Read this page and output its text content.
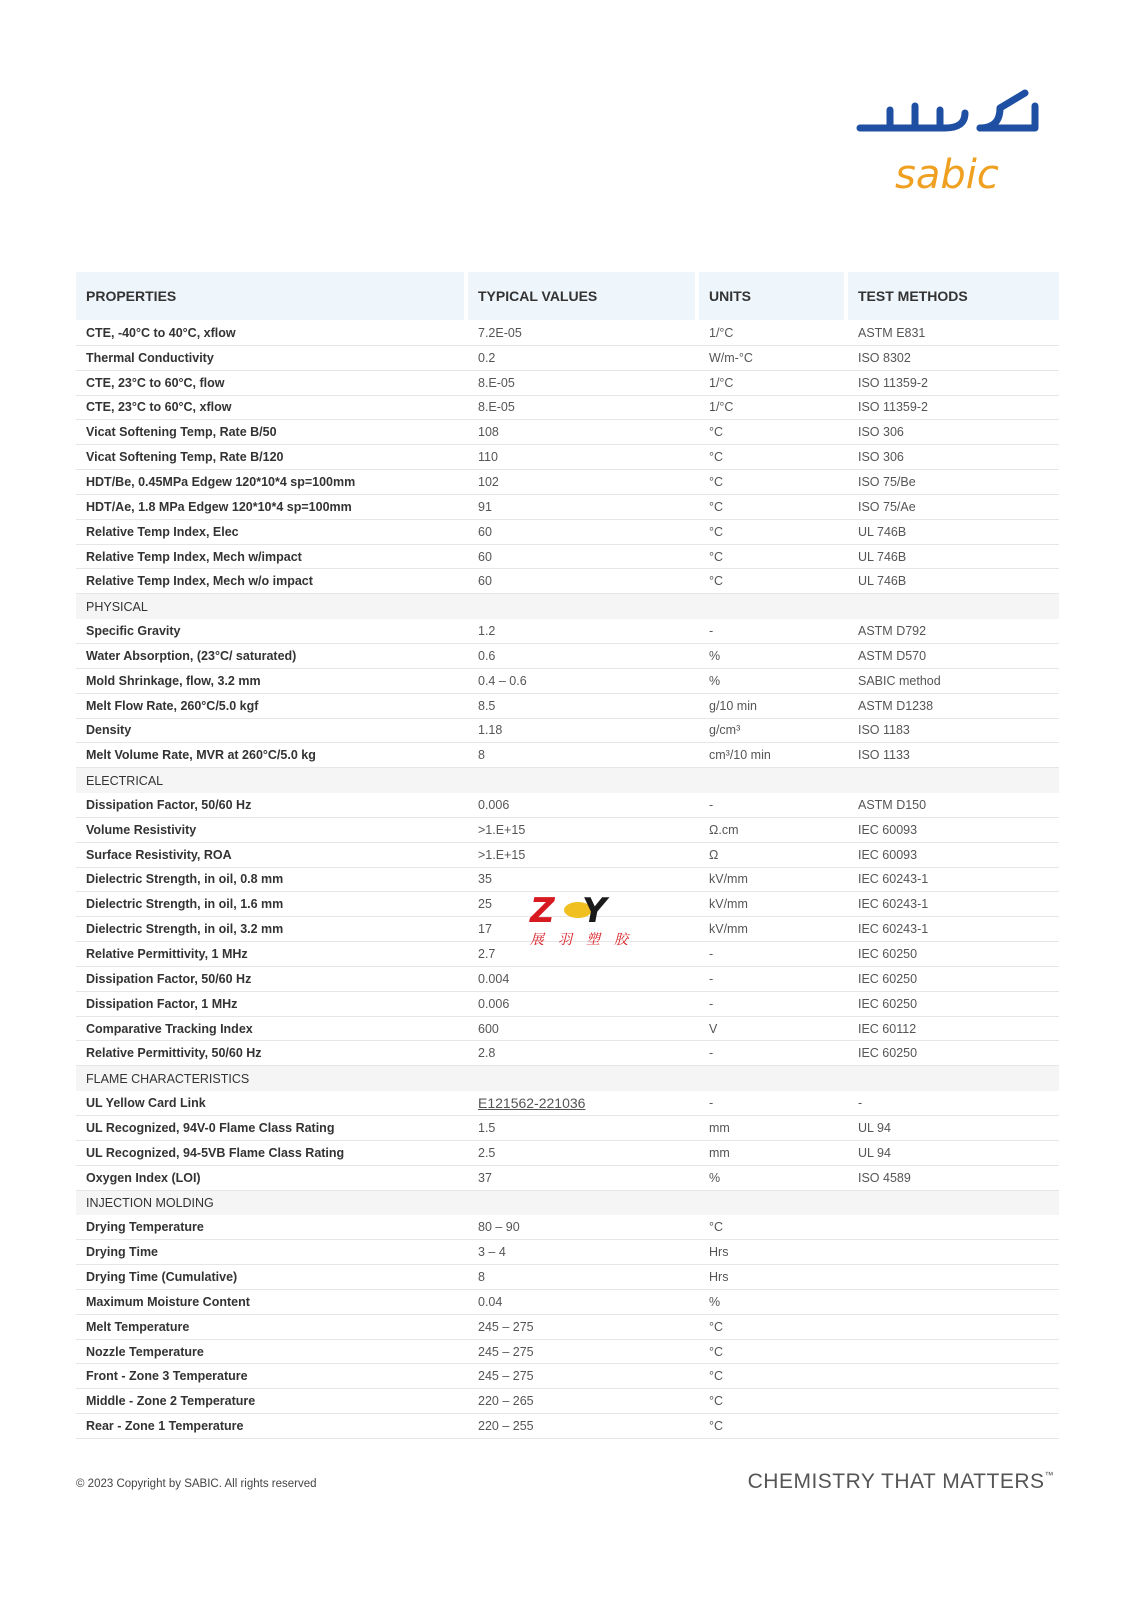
sabic
PROPERTIES	TYPICAL VALUES	UNITS	TEST METHODS
CTE, -40°C to 40°C, xflow	7.2E-05	1/°C	ASTM E831
Thermal Conductivity	0.2	W/m-°C	ISO 8302
CTE, 23°C to 60°C, flow	8.E-05	1/°C	ISO 11359-2
CTE, 23°C to 60°C, xflow	8.E-05	1/°C	ISO 11359-2
Vicat Softening Temp, Rate B/50	108	°C	ISO 306
Vicat Softening Temp, Rate B/120	110	°C	ISO 306
HDT/Be, 0.45MPa Edgew 120*10*4 sp=100mm	102	°C	ISO 75/Be
HDT/Ae, 1.8 MPa Edgew 120*10*4 sp=100mm	91	°C	ISO 75/Ae
Relative Temp Index, Elec	60	°C	UL 746B
Relative Temp Index, Mech w/impact	60	°C	UL 746B
Relative Temp Index, Mech w/o impact	60	°C	UL 746B
PHYSICAL
Specific Gravity	1.2	-	ASTM D792
Water Absorption, (23°C/ saturated)	0.6	%	ASTM D570
Mold Shrinkage, flow, 3.2 mm	0.4 – 0.6	%	SABIC method
Melt Flow Rate, 260°C/5.0 kgf	8.5	g/10 min	ASTM D1238
Density	1.18	g/cm³	ISO 1183
Melt Volume Rate, MVR at 260°C/5.0 kg	8	cm³/10 min	ISO 1133
ELECTRICAL
Dissipation Factor, 50/60 Hz	0.006	-	ASTM D150
Volume Resistivity	>1.E+15	Ω.cm	IEC 60093
Surface Resistivity, ROA	>1.E+15	Ω	IEC 60093
Dielectric Strength, in oil, 0.8 mm	35	kV/mm	IEC 60243-1
Dielectric Strength, in oil, 1.6 mm	25	kV/mm	IEC 60243-1
Dielectric Strength, in oil, 3.2 mm	17	kV/mm	IEC 60243-1
Relative Permittivity, 1 MHz	2.7	-	IEC 60250
Dissipation Factor, 50/60 Hz	0.004	-	IEC 60250
Dissipation Factor, 1 MHz	0.006	-	IEC 60250
Comparative Tracking Index	600	V	IEC 60112
Relative Permittivity, 50/60 Hz	2.8	-	IEC 60250
FLAME CHARACTERISTICS
UL Yellow Card Link	E121562-221036	-	-
UL Recognized, 94V-0 Flame Class Rating	1.5	mm	UL 94
UL Recognized, 94-5VB Flame Class Rating	2.5	mm	UL 94
Oxygen Index (LOI)	37	%	ISO 4589
INJECTION MOLDING
Drying Temperature	80 – 90	°C
Drying Time	3 – 4	Hrs
Drying Time (Cumulative)	8	Hrs
Maximum Moisture Content	0.04	%
Melt Temperature	245 – 275	°C
Nozzle Temperature	245 – 275	°C
Front - Zone 3 Temperature	245 – 275	°C
Middle - Zone 2 Temperature	220 – 265	°C
Rear - Zone 1 Temperature	220 – 255	°C
Z Y
展羽塑胶
© 2023 Copyright by SABIC. All rights reserved	CHEMISTRY THAT MATTERS™
